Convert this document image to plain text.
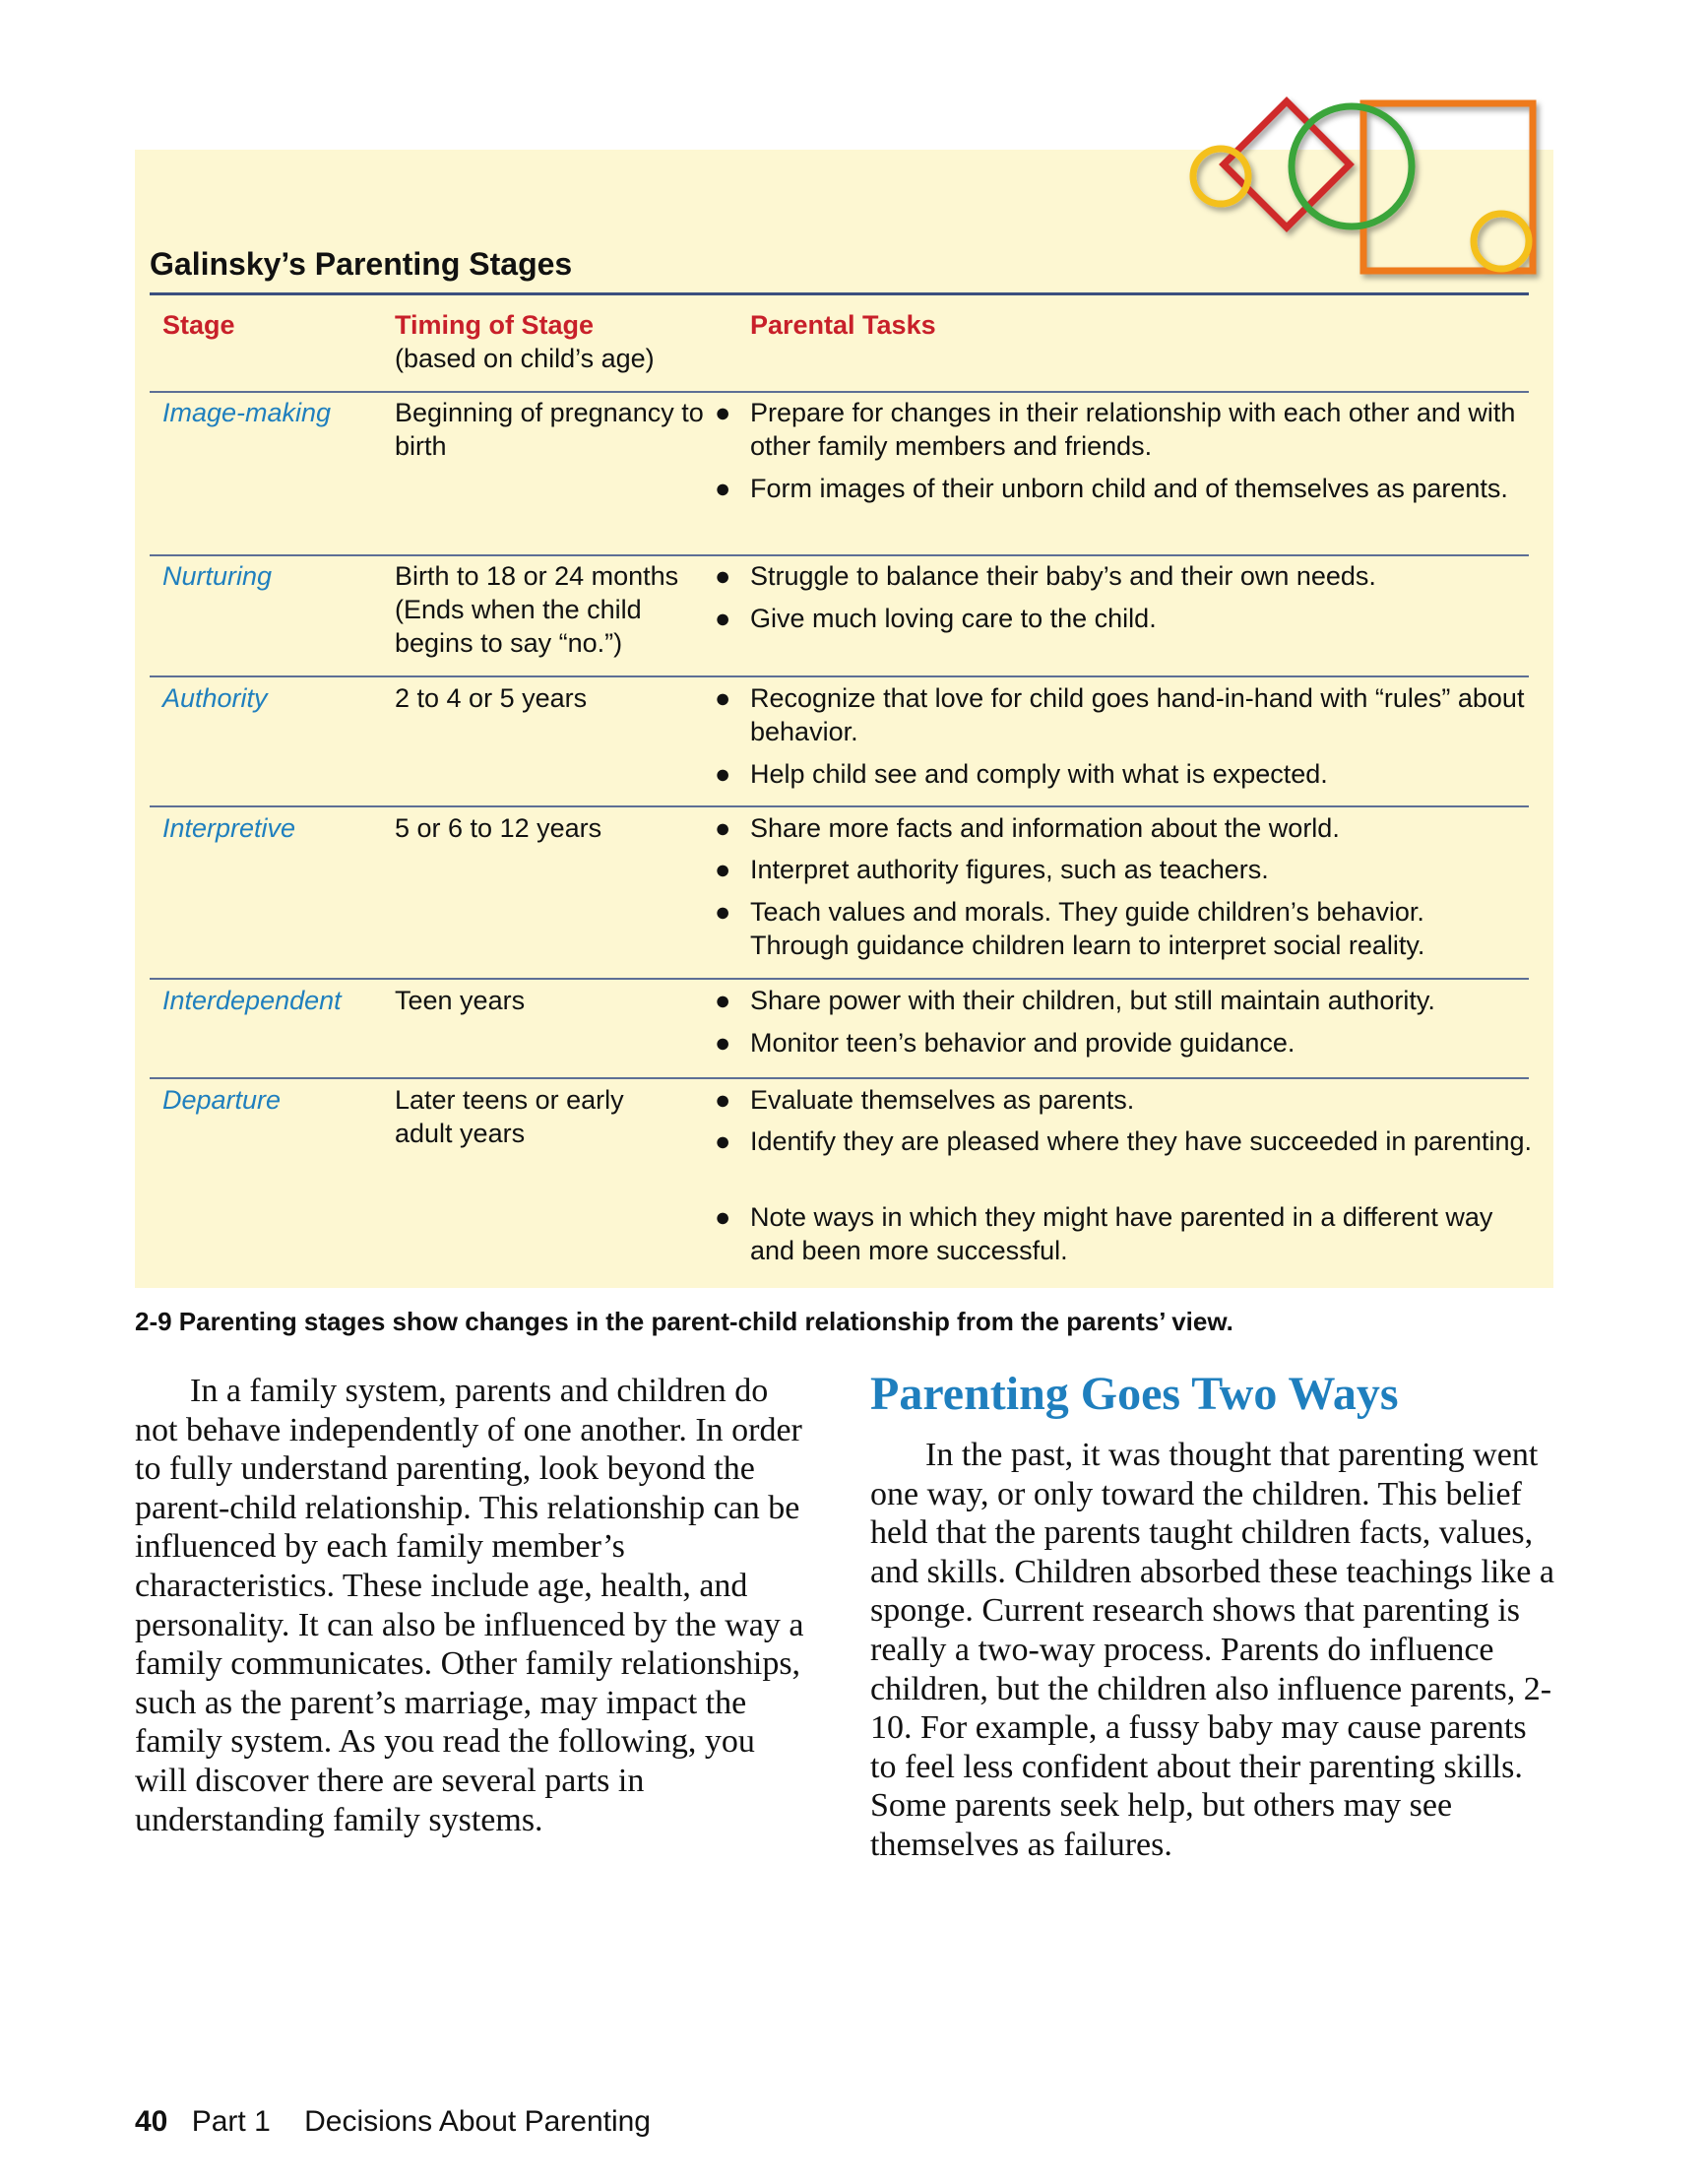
Galinsky’s Parenting Stages
Stage	Timing of Stage
(based on child’s age)
Parental Tasks
Image-making Beginning of pregnancy to birth
● Prepare for changes in their relationship with each other and with other family members and friends.
● Form images of their unborn child and of themselves as parents.
Nurturing	Birth to 18 or 24 months (Ends when the child begins to say “no.”)
● Struggle to balance their baby’s and their own needs.
● Give much loving care to the child.
Authority	2 to 4 or 5 years	● Recognize that love for child goes hand-in-hand with “rules” about behavior.
● Help child see and comply with what is expected.
Interpretive	5 or 6 to 12 years	● Share more facts and information about the world.
● Interpret authority figures, such as teachers.
● Teach values and morals. They guide children’s behavior. Through guidance children learn to interpret social reality.
Interdependent Teen years	● Share power with their children, but still maintain authority.
● Monitor teen’s behavior and provide guidance.
Departure	Later teens or early adult years
● Evaluate themselves as parents.
● Identify they are pleased where they have succeeded in parenting.
● Note ways in which they might have parented in a different way and been more successful.
2-9 Parenting stages show changes in the parent-child relationship from the parents’ view.
In a family system, parents and children do not behave independently of one another. In order to fully understand parenting, look beyond the parent-child relationship. This relationship can be influenced by each family member’s characteristics. These include age, health, and personality. It can also be influenced by the way a family communicates. Other family relationships, such as the parent’s marriage, may impact the family system. As you read the following, you will discover there are several parts in understanding family systems.
Parenting Goes Two Ways
In the past, it was thought that parenting went one way, or only toward the children. This belief held that the parents taught children facts, values, and skills. Children absorbed these teachings like a sponge. Current research shows that parenting is really a two-way process. Parents do influence children, but the children also influence parents, 2-10. For example, a fussy baby may cause parents to feel less confident about their parenting skills. Some parents seek help, but others may see themselves as failures.
40 Part 1 Decisions About Parenting
